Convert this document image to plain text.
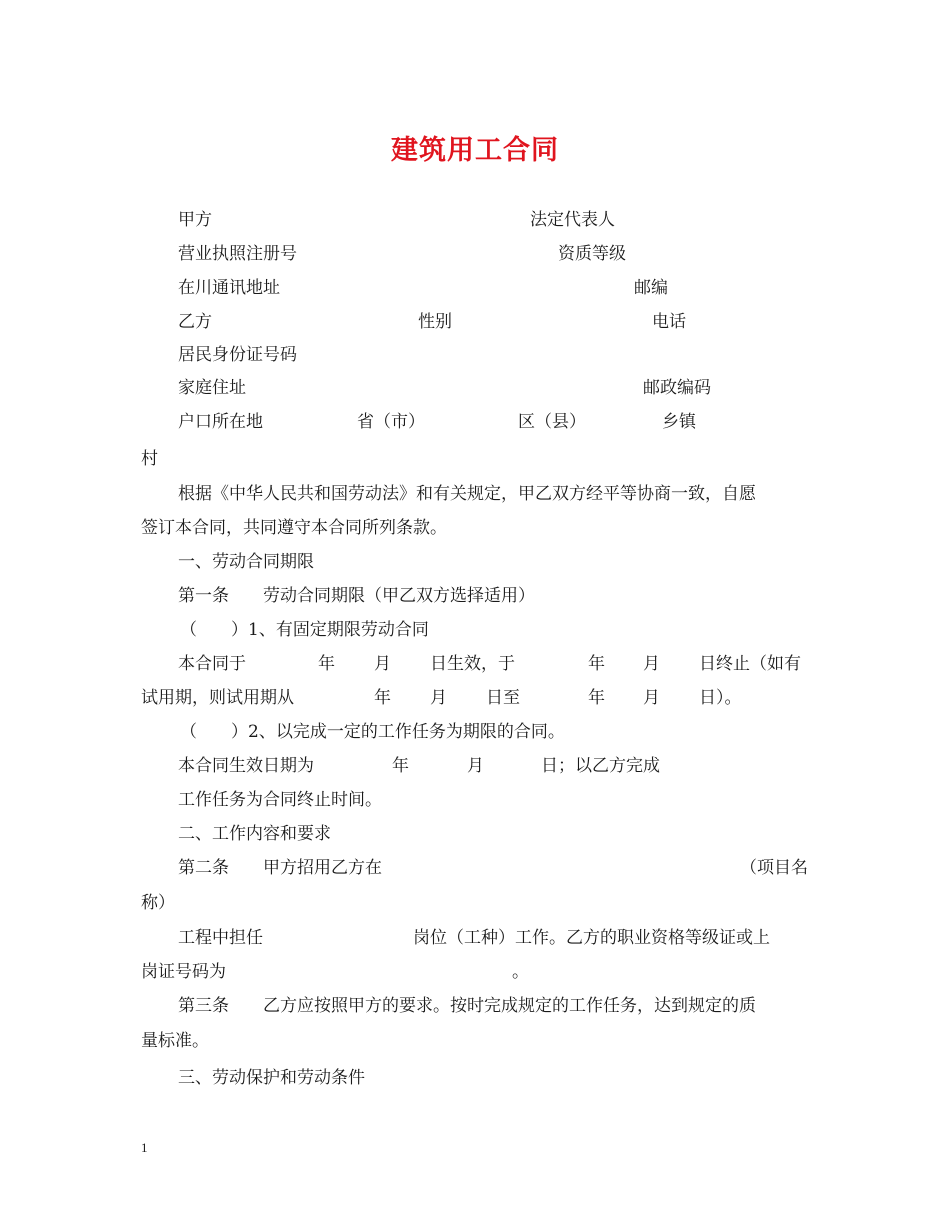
建筑用工合同
甲方	法定代表人
营业执照注册号	资质等级
在川通讯地址	邮编
乙方	性别	电话
居民身份证号码
家庭住址	邮政编码
户口所在地	省（市）	区（县）	乡镇
村
根据《中华人民共和国劳动法》和有关规定，甲乙双方经平等协商一致，自愿
签订本合同，共同遵守本合同所列条款。
一、劳动合同期限
第一条　　劳动合同期限（甲乙双方选择适用）
（　　）1、有固定期限劳动合同
本合同于	年 月 日生效，于	年 月 日终止（如有
试用期，则试用期从	年 月 日至	年 月 日）。
（　　）2、以完成一定的工作任务为期限的合同。
本合同生效日期为	年	月	日；以乙方完成
工作任务为合同终止时间。
二、工作内容和要求
第二条　　甲方招用乙方在	（项目名
称）
工程中担任	岗位（工种）工作。乙方的职业资格等级证或上
岗证号码为	。
第三条　　乙方应按照甲方的要求。按时完成规定的工作任务，达到规定的质
量标准。
三、劳动保护和劳动条件
1
